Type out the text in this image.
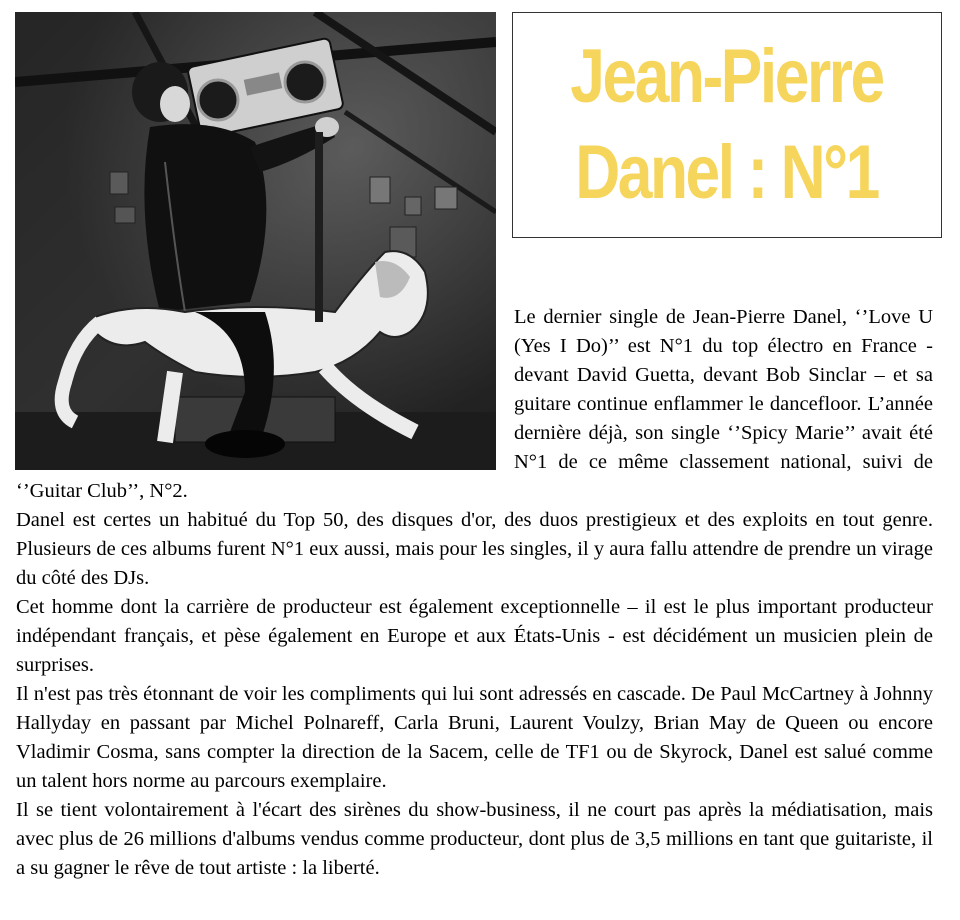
Jean-Pierre
Danel : N°1

Le dernier single de Jean-Pierre Danel, ‘’Love U (Yes I Do)’’ est N°1 du top électro en France - devant David Guetta, devant Bob Sinclar – et sa guitare continue enflammer le dancefloor. L’année dernière déjà, son single ‘’Spicy Marie’’ avait été N°1 de ce même classement national, suivi de ‘’Guitar Club’’, N°2.

Danel est certes un habitué du Top 50, des disques d'or, des duos prestigieux et des exploits en tout genre. Plusieurs de ces albums furent N°1 eux aussi, mais pour les singles, il y aura fallu attendre de prendre un virage du côté des DJs.

Cet homme dont la carrière de producteur est également exceptionnelle – il est le plus important producteur indépendant français, et pèse également en Europe et aux États-Unis - est décidément un musicien plein de surprises.

Il n'est pas très étonnant de voir les compliments qui lui sont adressés en cascade. De Paul McCartney à Johnny Hallyday en passant par Michel Polnareff, Carla Bruni, Laurent Voulzy, Brian May de Queen ou encore Vladimir Cosma, sans compter la direction de la Sacem, celle de TF1 ou de Skyrock, Danel est salué comme un talent hors norme au parcours exemplaire.

Il se tient volontairement à l'écart des sirènes du show-business, il ne court pas après la médiatisation, mais avec plus de 26 millions d'albums vendus comme producteur, dont plus de 3,5 millions en tant que guitariste, il a su gagner le rêve de tout artiste : la liberté.
